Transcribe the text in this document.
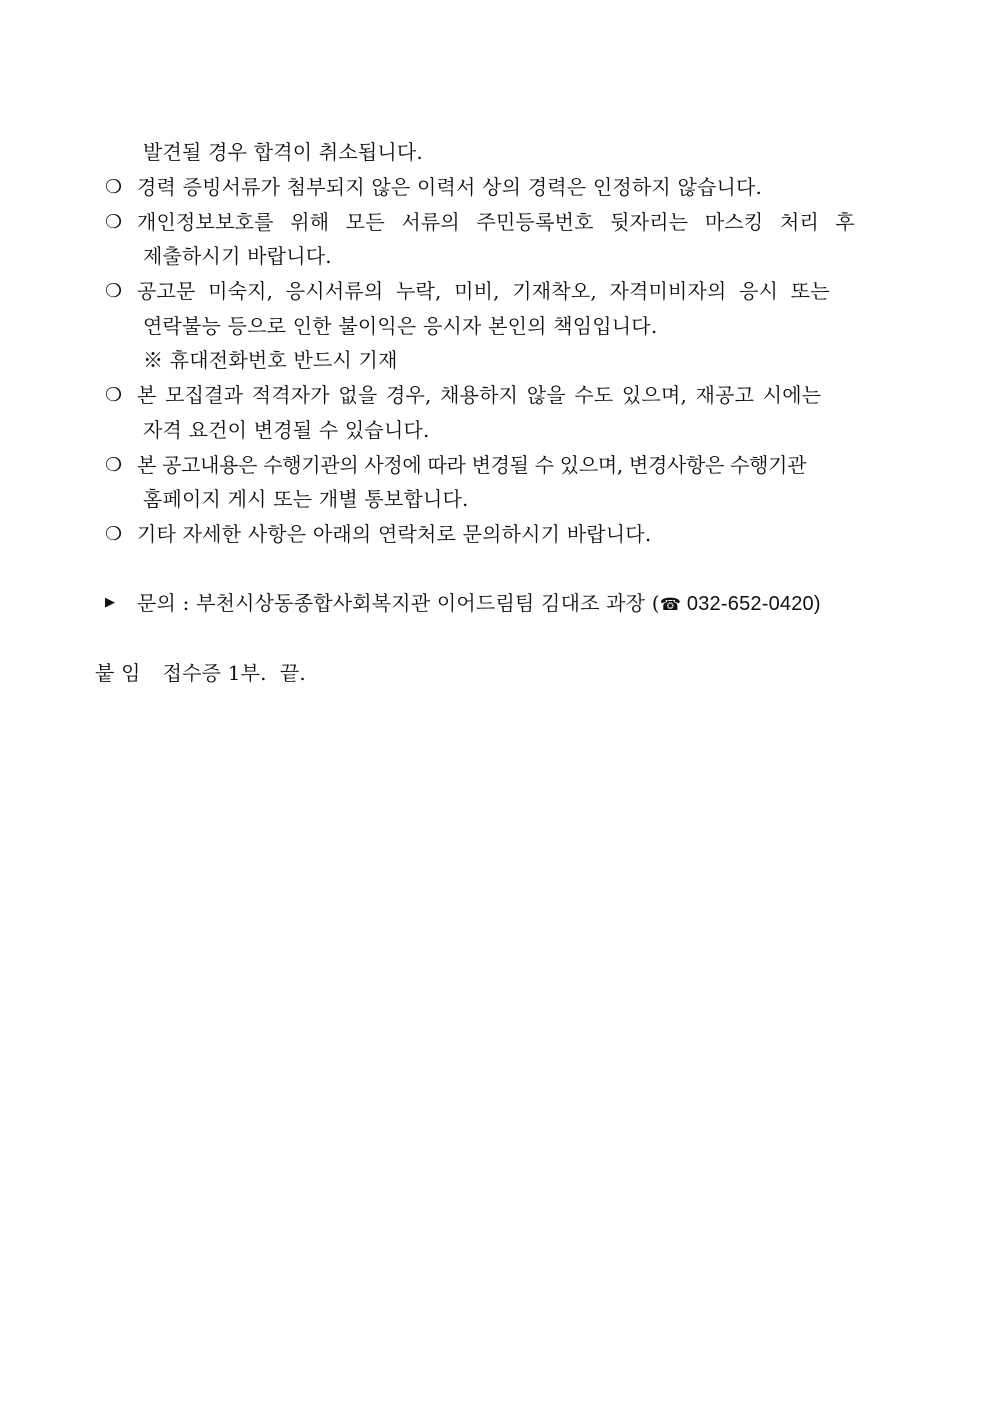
발견될 경우 합격이 취소됩니다.
❍ 경력 증빙서류가 첨부되지 않은 이력서 상의 경력은 인정하지 않습니다.
❍ 개인정보보호를 위해 모든 서류의 주민등록번호 뒷자리는 마스킹 처리 후
제출하시기 바랍니다.
❍ 공고문 미숙지, 응시서류의 누락, 미비, 기재착오, 자격미비자의 응시 또는
연락불능 등으로 인한 불이익은 응시자 본인의 책임입니다.
※ 휴대전화번호 반드시 기재
❍ 본 모집결과 적격자가 없을 경우, 채용하지 않을 수도 있으며, 재공고 시에는
자격 요건이 변경될 수 있습니다.
❍ 본 공고내용은 수행기관의 사정에 따라 변경될 수 있으며, 변경사항은 수행기관
홈페이지 게시 또는 개별 통보합니다.
❍ 기타 자세한 사항은 아래의 연락처로 문의하시기 바랍니다.
▶ 문의 : 부천시상동종합사회복지관 이어드림팀 김대조 과장 (☎ 032-652-0420)
붙 임 접수증 1부.  끝.
